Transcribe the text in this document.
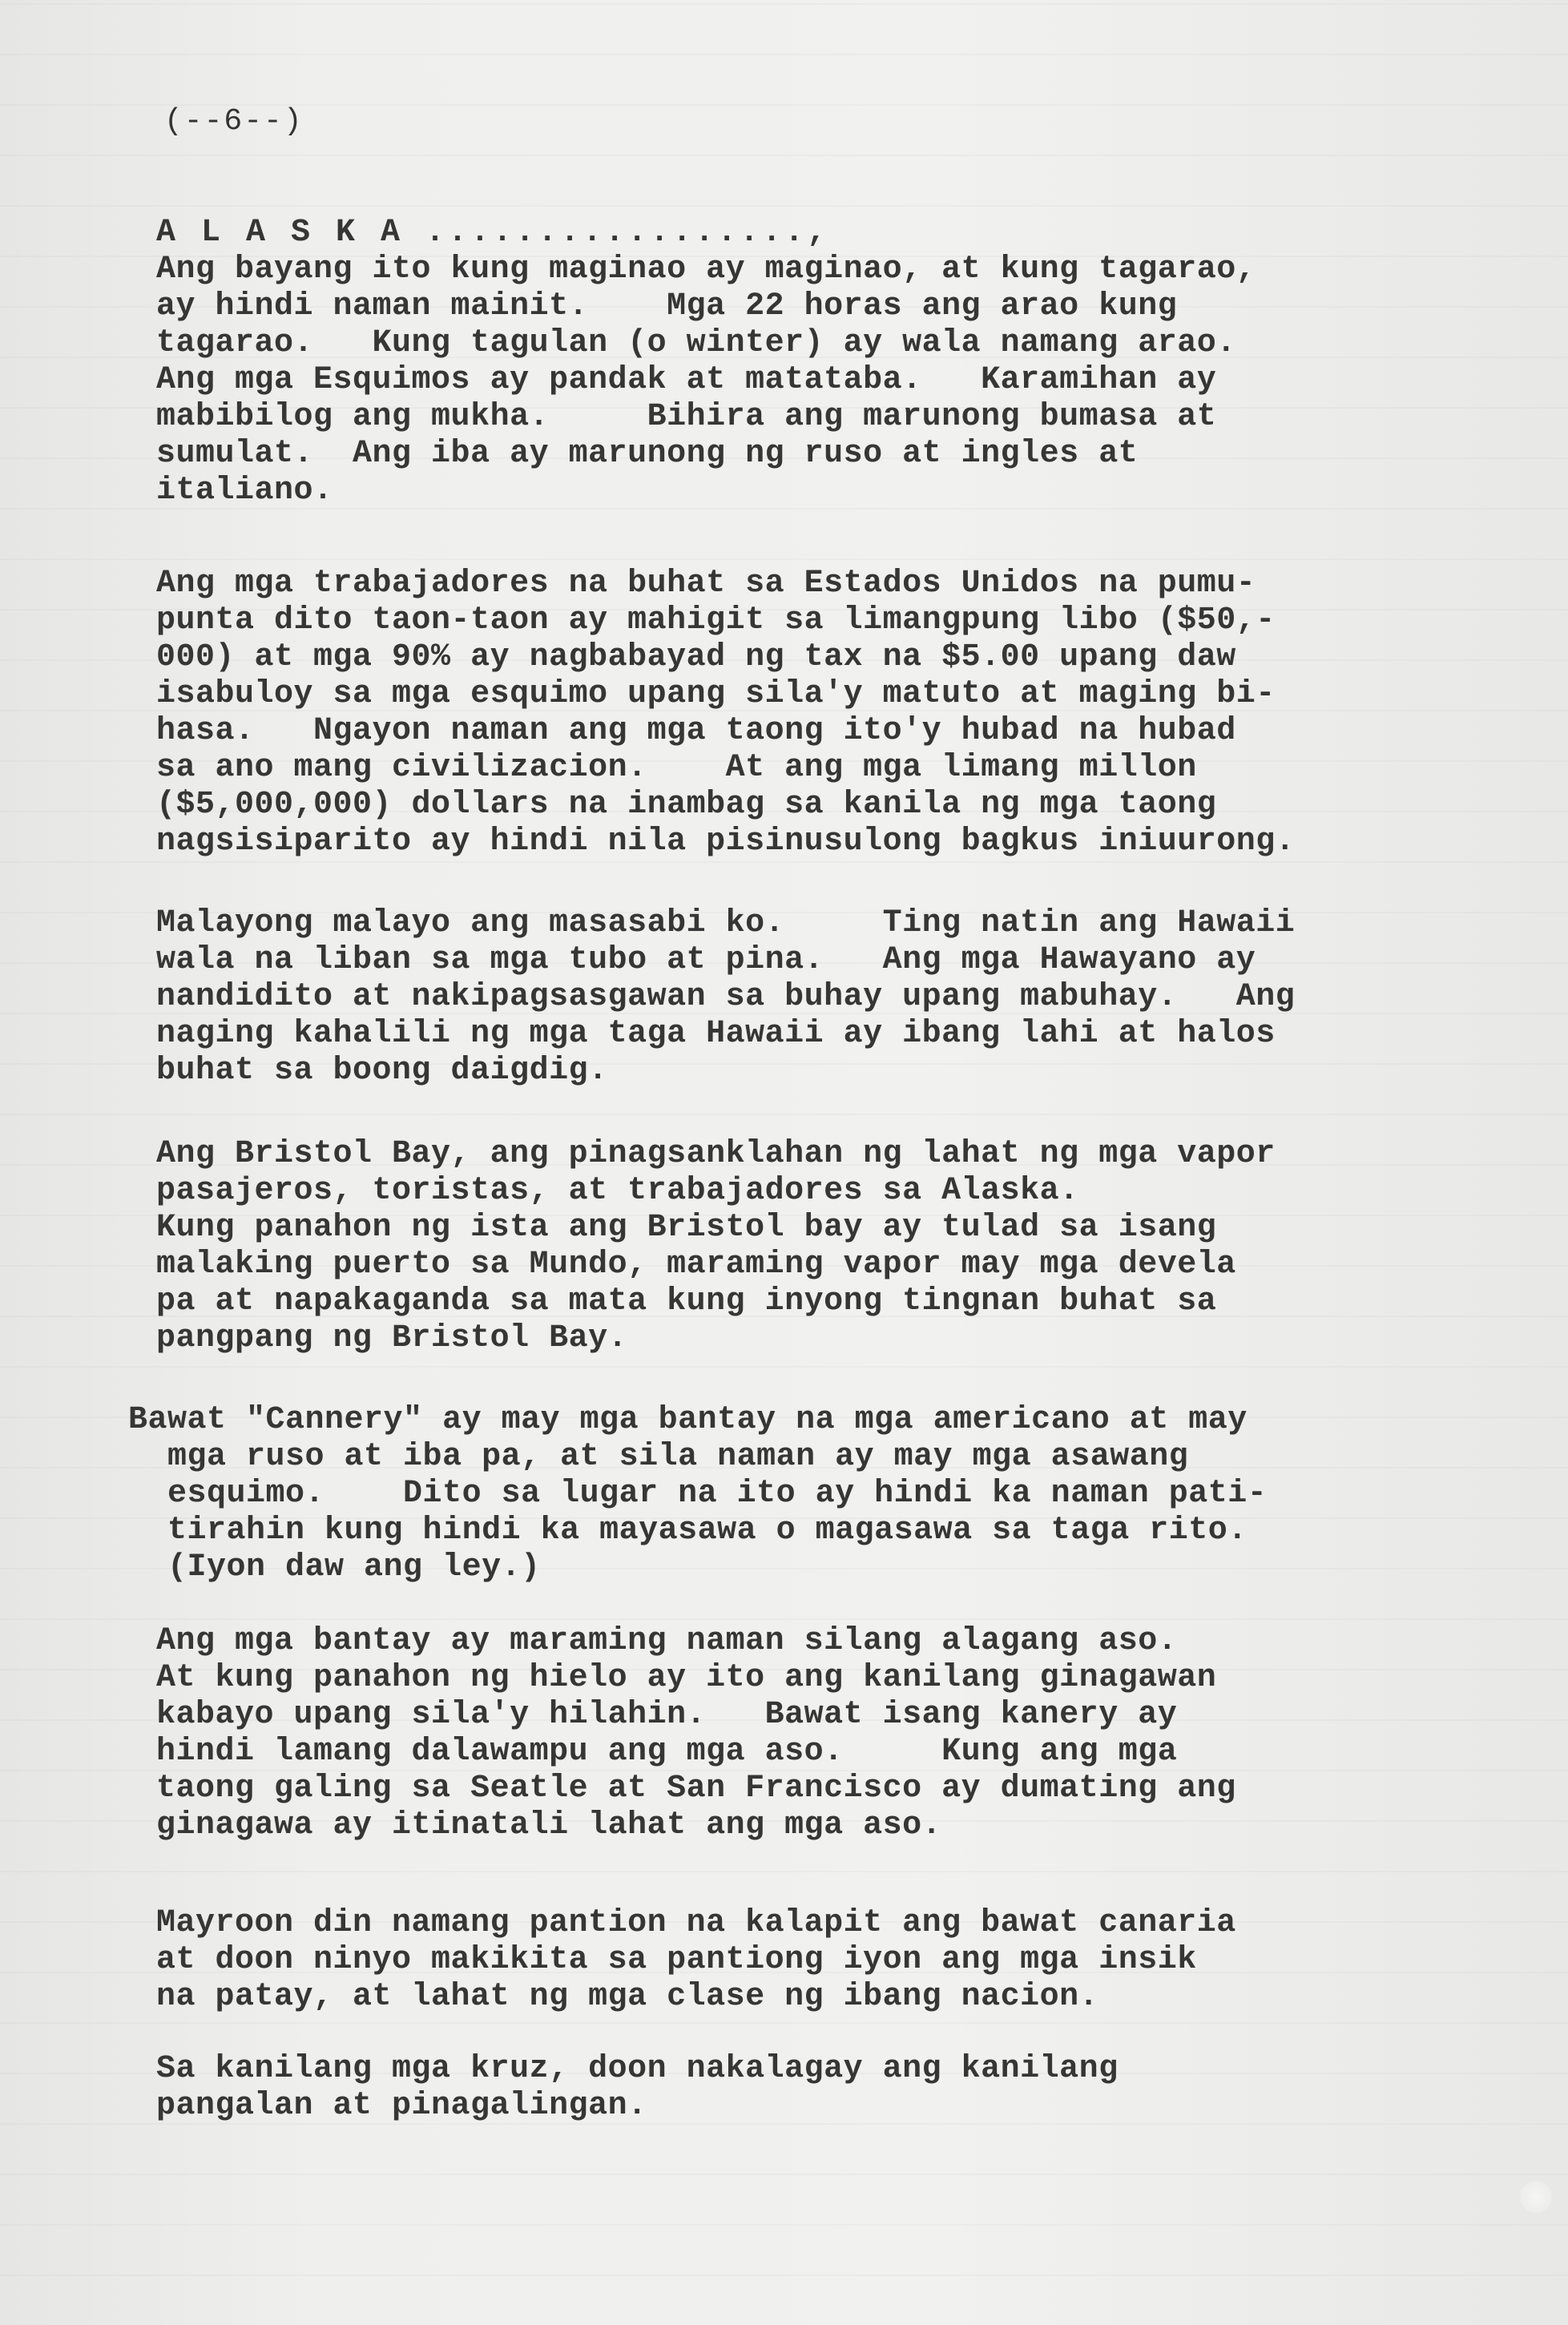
(--6--)
A L A S K A .................,
Ang bayang ito kung maginao ay maginao, at kung tagarao,
ay hindi naman mainit.    Mga 22 horas ang arao kung
tagarao.   Kung tagulan (o winter) ay wala namang arao.
Ang mga Esquimos ay pandak at matataba.   Karamihan ay
mabibilog ang mukha.     Bihira ang marunong bumasa at
sumulat.  Ang iba ay marunong ng ruso at ingles at
italiano.
Ang mga trabajadores na buhat sa Estados Unidos na pumu-
punta dito taon-taon ay mahigit sa limangpung libo ($50,-
000) at mga 90% ay nagbabayad ng tax na $5.00 upang daw
isabuloy sa mga esquimo upang sila'y matuto at maging bi-
hasa.   Ngayon naman ang mga taong ito'y hubad na hubad
sa ano mang civilizacion.    At ang mga limang millon
($5,000,000) dollars na inambag sa kanila ng mga taong
nagsisiparito ay hindi nila pisinusulong bagkus iniuurong.
Malayong malayo ang masasabi ko.     Ting natin ang Hawaii
wala na liban sa mga tubo at pina.   Ang mga Hawayano ay
nandidito at nakipagsasgawan sa buhay upang mabuhay.   Ang
naging kahalili ng mga taga Hawaii ay ibang lahi at halos
buhat sa boong daigdig.
Ang Bristol Bay, ang pinagsanklahan ng lahat ng mga vapor
pasajeros, toristas, at trabajadores sa Alaska.
Kung panahon ng ista ang Bristol bay ay tulad sa isang
malaking puerto sa Mundo, maraming vapor may mga devela
pa at napakaganda sa mata kung inyong tingnan buhat sa
pangpang ng Bristol Bay.
Bawat "Cannery" ay may mga bantay na mga americano at may
mga ruso at iba pa, at sila naman ay may mga asawang
esquimo.    Dito sa lugar na ito ay hindi ka naman pati-
tirahin kung hindi ka mayasawa o magasawa sa taga rito.
(Iyon daw ang ley.)
Ang mga bantay ay maraming naman silang alagang aso.
At kung panahon ng hielo ay ito ang kanilang ginagawan
kabayo upang sila'y hilahin.   Bawat isang kanery ay
hindi lamang dalawampu ang mga aso.     Kung ang mga
taong galing sa Seatle at San Francisco ay dumating ang
ginagawa ay itinatali lahat ang mga aso.
Mayroon din namang pantion na kalapit ang bawat canaria
at doon ninyo makikita sa pantiong iyon ang mga insik
na patay, at lahat ng mga clase ng ibang nacion.
Sa kanilang mga kruz, doon nakalagay ang kanilang
pangalan at pinagalingan.
